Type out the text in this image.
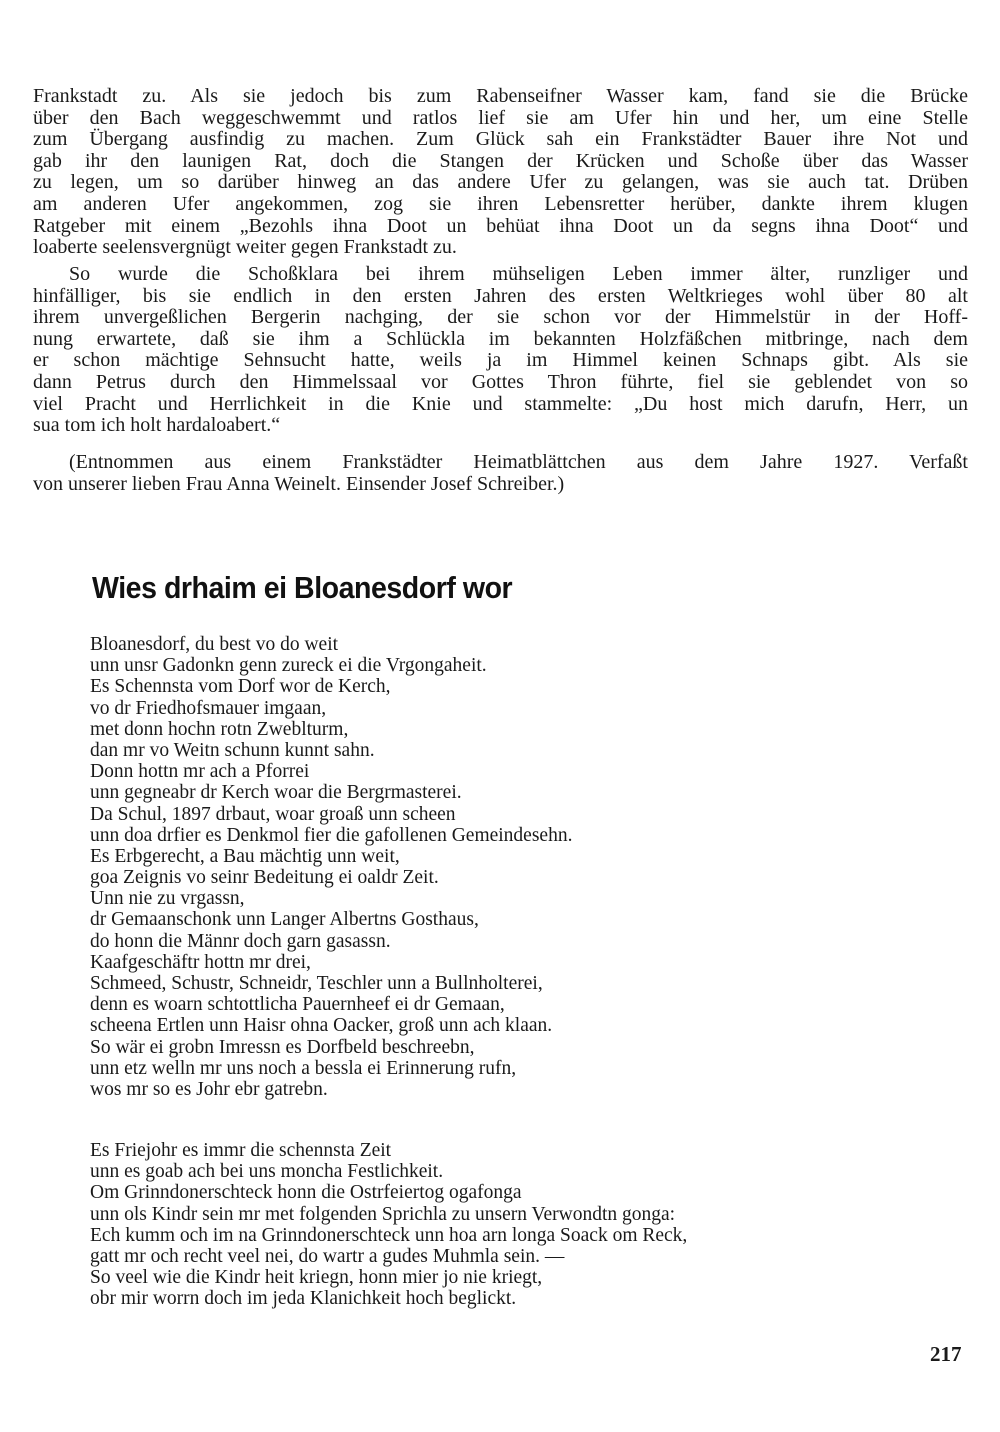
Frankstadt zu. Als sie jedoch bis zum Rabenseifner Wasser kam, fand sie die Brücke
über den Bach weggeschwemmt und ratlos lief sie am Ufer hin und her, um eine Stelle
zum Übergang ausfindig zu machen. Zum Glück sah ein Frankstädter Bauer ihre Not und
gab ihr den launigen Rat, doch die Stangen der Krücken und Schoße über das Wasser
zu legen, um so darüber hinweg an das andere Ufer zu gelangen, was sie auch tat. Drüben
am anderen Ufer angekommen, zog sie ihren Lebensretter herüber, dankte ihrem klugen
Ratgeber mit einem „Bezohls ihna Doot un behüat ihna Doot un da segns ihna Doot“ und
loaberte seelensvergnügt weiter gegen Frankstadt zu.
So wurde die Schoßklara bei ihrem mühseligen Leben immer älter, runzliger und
hinfälliger, bis sie endlich in den ersten Jahren des ersten Weltkrieges wohl über 80 alt
ihrem unvergeßlichen Bergerin nachging, der sie schon vor der Himmelstür in der Hoff-
nung erwartete, daß sie ihm a Schlückla im bekannten Holzfäßchen mitbringe, nach dem
er schon mächtige Sehnsucht hatte, weils ja im Himmel keinen Schnaps gibt. Als sie
dann Petrus durch den Himmelssaal vor Gottes Thron führte, fiel sie geblendet von so
viel Pracht und Herrlichkeit in die Knie und stammelte: „Du host mich darufn, Herr, un
sua tom ich holt hardaloabert.“
(Entnommen aus einem Frankstädter Heimatblättchen aus dem Jahre 1927. Verfaßt
von unserer lieben Frau Anna Weinelt. Einsender Josef Schreiber.)
Wies drhaim ei Bloanesdorf wor
Bloanesdorf, du best vo do weit
unn unsr Gadonkn genn zureck ei die Vrgongaheit.
Es Schennsta vom Dorf wor de Kerch,
vo dr Friedhofsmauer imgaan,
met donn hochn rotn Zweblturm,
dan mr vo Weitn schunn kunnt sahn.
Donn hottn mr ach a Pforrei
unn gegneabr dr Kerch woar die Bergrmasterei.
Da Schul, 1897 drbaut, woar groaß unn scheen
unn doa drfier es Denkmol fier die gafollenen Gemeindesehn.
Es Erbgerecht, a Bau mächtig unn weit,
goa Zeignis vo seinr Bedeitung ei oaldr Zeit.
Unn nie zu vrgassn,
dr Gemaanschonk unn Langer Albertns Gosthaus,
do honn die Männr doch garn gasassn.
Kaafgeschäftr hottn mr drei,
Schmeed, Schustr, Schneidr, Teschler unn a Bullnholterei,
denn es woarn schtottlicha Pauernheef ei dr Gemaan,
scheena Ertlen unn Haisr ohna Oacker, groß unn ach klaan.
So wär ei grobn Imressn es Dorfbeld beschreebn,
unn etz welln mr uns noch a bessla ei Erinnerung rufn,
wos mr so es Johr ebr gatrebn.
Es Friejohr es immr die schennsta Zeit
unn es goab ach bei uns moncha Festlichkeit.
Om Grinndonerschteck honn die Ostrfeiertog ogafonga
unn ols Kindr sein mr met folgenden Sprichla zu unsern Verwondtn gonga:
Ech kumm och im na Grinndonerschteck unn hoa arn longa Soack om Reck,
gatt mr och recht veel nei, do wartr a gudes Muhmla sein. —
So veel wie die Kindr heit kriegn, honn mier jo nie kriegt,
obr mir worrn doch im jeda Klanichkeit hoch beglickt.
217
